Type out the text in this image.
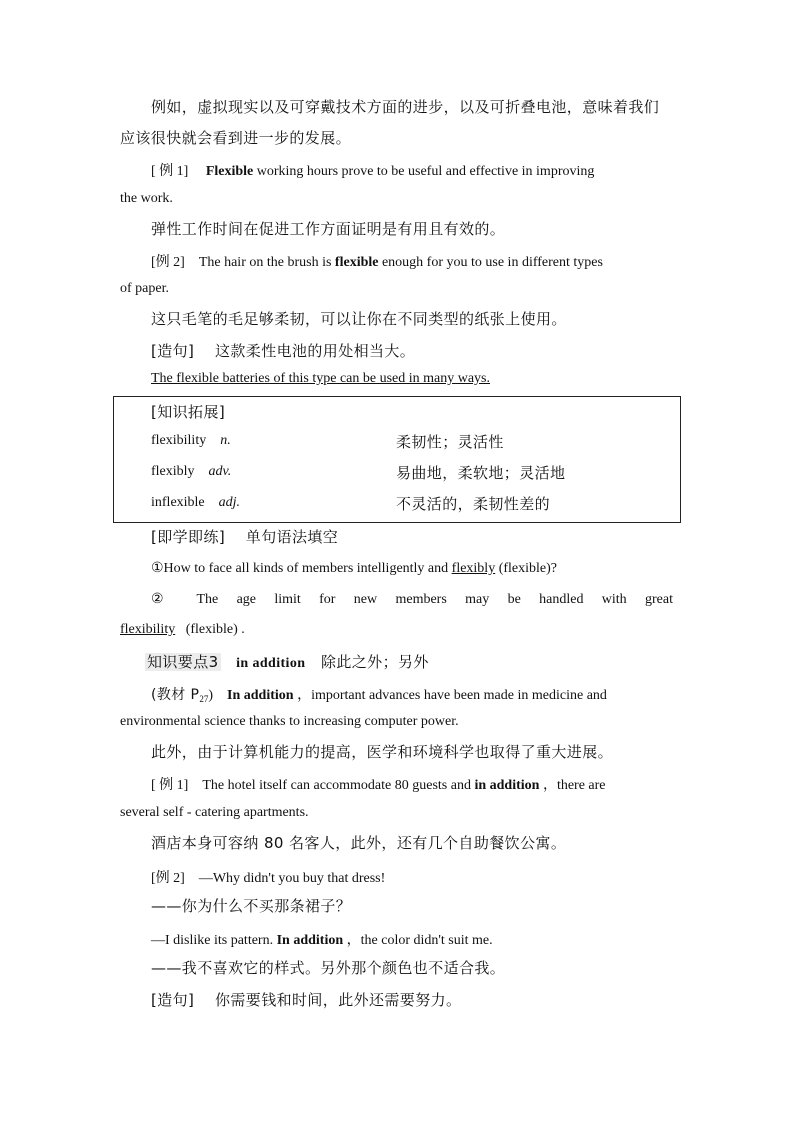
例如，虚拟现实以及可穿戴技术方面的进步，以及可折叠电池，意味着我们
应该很快就会看到进一步的发展。
[ 例 1] Flexible working hours prove to be useful and effective in improving
the work.
弹性工作时间在促进工作方面证明是有用且有效的。
[例 2] The hair on the brush is flexible enough for you to use in different types
of paper.
这只毛笔的毛足够柔韧，可以让你在不同类型的纸张上使用。
[造句] 这款柔性电池的用处相当大。
The flexible batteries of this type can be used in many ways.
[知识拓展]
flexibility n.	柔韧性；灵活性
flexibly adv.	易曲地，柔软地；灵活地
inflexible adj.	不灵活的，柔韧性差的
[即学即练] 单句语法填空
①How to face all kinds of members intelligently and flexibly (flexible)?
② The age limit for new members may be handled with great
flexibility (flexible) .
知识要点3 in addition 除此之外；另外
(教材 $P_{27}$) In addition ，important advances have been made in medicine and
environmental science thanks to increasing computer power.
此外，由于计算机能力的提高，医学和环境科学也取得了重大进展。
[ 例 1] The hotel itself can accommodate 80 guests and in addition ，there are
several self - catering apartments.
酒店本身可容纳 80 名客人，此外，还有几个自助餐饮公寓。
[例 2] —Why didn't you buy that dress!
——你为什么不买那条裙子？
—I dislike its pattern. In addition ，the color didn't suit me.
——我不喜欢它的样式。另外那个颜色也不适合我。
[造句] 你需要钱和时间，此外还需要努力。
